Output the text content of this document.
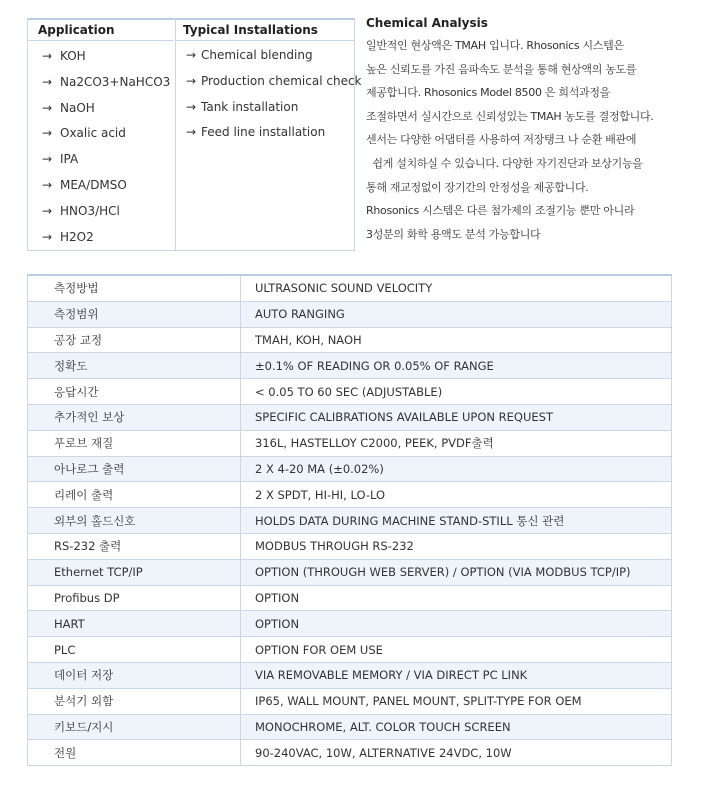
Application
→ KOH
→ Na2CO3+NaHCO3
→ NaOH
→ Oxalic acid
→ IPA
→ MEA/DMSO
→ HNO3/HCl
→ H2O2
Typical Installations
→ Chemical blending
→ Production chemical check
→ Tank installation
→ Feed line installation
Chemical Analysis
일반적인 현상액은 TMAH 입니다. Rhosonics 시스템은
높은 신뢰도를 가진 음파속도 분석을 통해 현상액의 농도를
제공합니다. Rhosonics Model 8500 은 희석과정을
조절하면서 실시간으로 신뢰성있는 TMAH 농도를 결정합니다.
센서는 다양한 어댑터를 사용하여 저장탱크 나 순환 배관에
쉽게 설치하실 수 있습니다. 다양한 자기진단과 보상기능을
통해 재교정없이 장기간의 안정성을 제공합니다.
Rhosonics 시스템은 다른 첨가제의 조절기능 뿐만 아니라
3성분의 화학 용액도 분석 가능합니다
측정방법	ULTRASONIC SOUND VELOCITY
측정범위	AUTO RANGING
공장 교정	TMAH, KOH, NAOH
정확도	±0.1% OF READING OR 0.05% OF RANGE
응답시간	< 0.05 TO 60 SEC (ADJUSTABLE)
추가적인 보상	SPECIFIC CALIBRATIONS AVAILABLE UPON REQUEST
푸로브 재질	316L, HASTELLOY C2000, PEEK, PVDF출력
아나로그 출력	2 X 4-20 MA (±0.02%)
리레이 출력	2 X SPDT, HI-HI, LO-LO
외부의 홀드신호	HOLDS DATA DURING MACHINE STAND-STILL 통신 관련
RS-232 출력	MODBUS THROUGH RS-232
Ethernet TCP/IP	OPTION (THROUGH WEB SERVER) / OPTION (VIA MODBUS TCP/IP)
Profibus DP	OPTION
HART	OPTION
PLC	OPTION FOR OEM USE
데이터 저장	VIA REMOVABLE MEMORY / VIA DIRECT PC LINK
분석기 외함	IP65, WALL MOUNT, PANEL MOUNT, SPLIT-TYPE FOR OEM
키보드/지시	MONOCHROME, ALT. COLOR TOUCH SCREEN
전원	90-240VAC, 10W, ALTERNATIVE 24VDC, 10W
